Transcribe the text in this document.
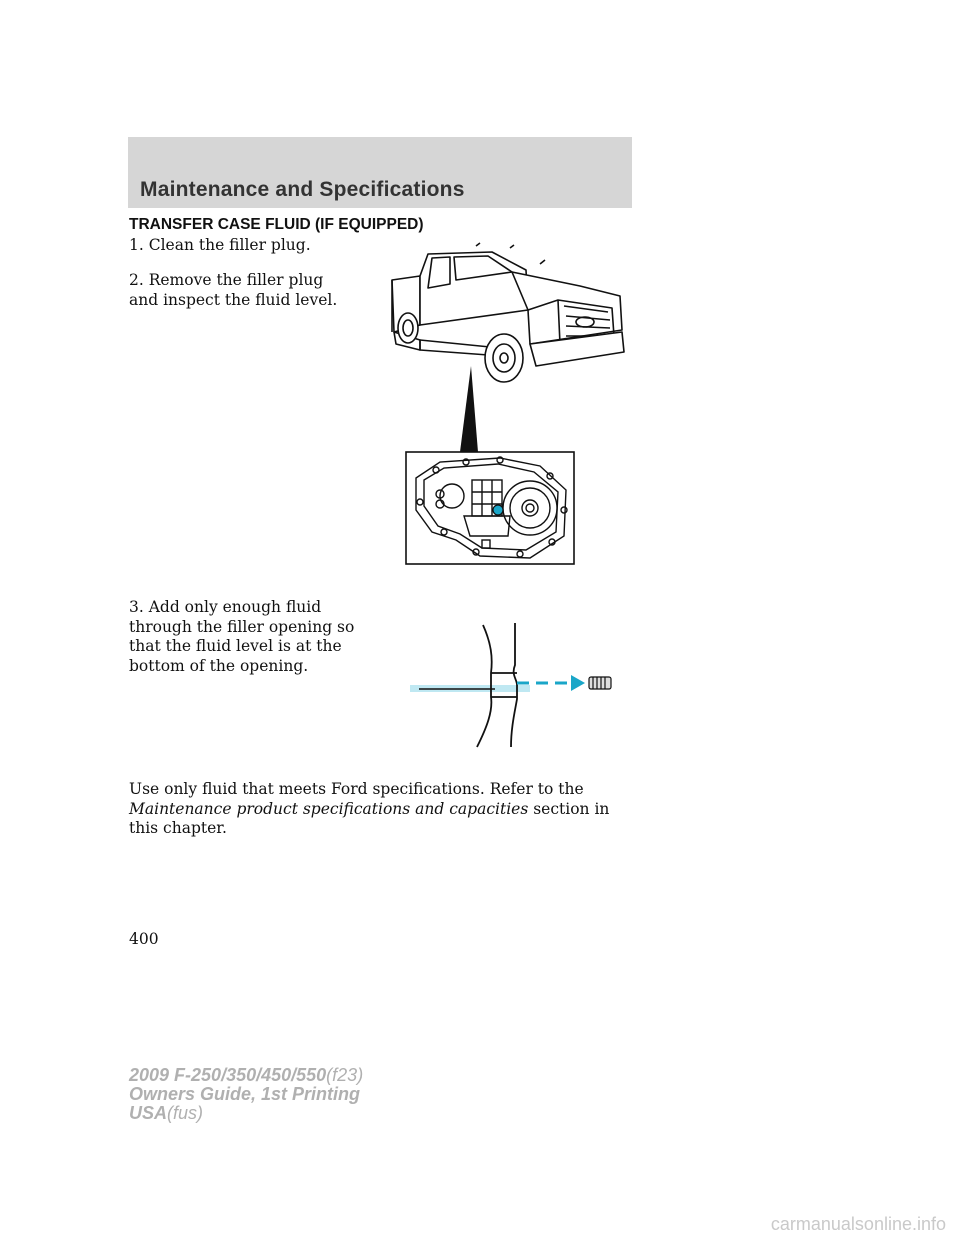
Maintenance and Specifications
TRANSFER CASE FLUID (IF EQUIPPED)
1. Clean the filler plug.
2. Remove the filler plug and inspect the fluid level.
3. Add only enough fluid through the filler opening so that the fluid level is at the bottom of the opening.
Use only fluid that meets Ford specifications. Refer to the Maintenance product specifications and capacities section in this chapter.
400
2009 F-250/350/450/550(f23)
Owners Guide, 1st Printing
USA(fus)
carmanualsonline.info
